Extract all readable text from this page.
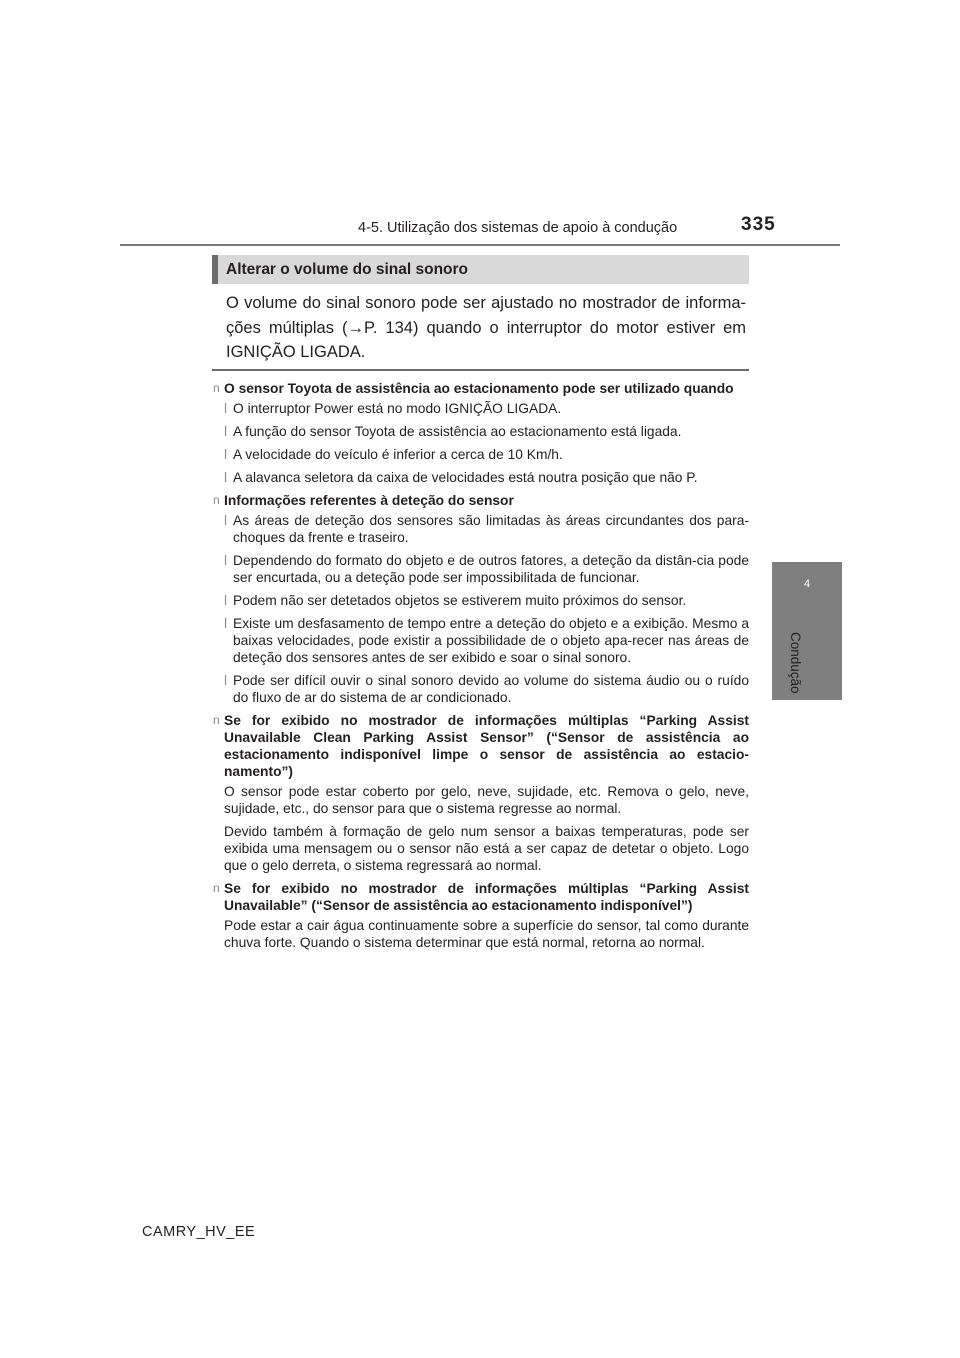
4-5. Utilização dos sistemas de apoio à condução	335
4
Condução
Alterar o volume do sinal sonoro
O volume do sinal sonoro pode ser ajustado no mostrador de informa-ções múltiplas (→P. 134) quando o interruptor do motor estiver em IGNIÇÃO LIGADA.
n O sensor Toyota de assistência ao estacionamento pode ser utilizado quando
l O interruptor Power está no modo IGNIÇÃO LIGADA.
l A função do sensor Toyota de assistência ao estacionamento está ligada.
l A velocidade do veículo é inferior a cerca de 10 Km/h.
l A alavanca seletora da caixa de velocidades está noutra posição que não P.
n Informações referentes à deteção do sensor
l As áreas de deteção dos sensores são limitadas às áreas circundantes dos para-choques da frente e traseiro.
l Dependendo do formato do objeto e de outros fatores, a deteção da distân-cia pode ser encurtada, ou a deteção pode ser impossibilitada de funcionar.
l Podem não ser detetados objetos se estiverem muito próximos do sensor.
l Existe um desfasamento de tempo entre a deteção do objeto e a exibição. Mesmo a baixas velocidades, pode existir a possibilidade de o objeto apa-recer nas áreas de deteção dos sensores antes de ser exibido e soar o sinal sonoro.
l Pode ser difícil ouvir o sinal sonoro devido ao volume do sistema áudio ou o ruído do fluxo de ar do sistema de ar condicionado.
n Se for exibido no mostrador de informações múltiplas “Parking Assist Unavailable Clean Parking Assist Sensor” (“Sensor de assistência ao estacionamento indisponível limpe o sensor de assistência ao estacio-namento”)
O sensor pode estar coberto por gelo, neve, sujidade, etc. Remova o gelo, neve, sujidade, etc., do sensor para que o sistema regresse ao normal.
Devido também à formação de gelo num sensor a baixas temperaturas, pode ser exibida uma mensagem ou o sensor não está a ser capaz de detetar o objeto. Logo que o gelo derreta, o sistema regressará ao normal.
n Se for exibido no mostrador de informações múltiplas “Parking Assist Unavailable” (“Sensor de assistência ao estacionamento indisponível”)
Pode estar a cair água continuamente sobre a superfície do sensor, tal como durante chuva forte. Quando o sistema determinar que está normal, retorna ao normal.
CAMRY_HV_EE
